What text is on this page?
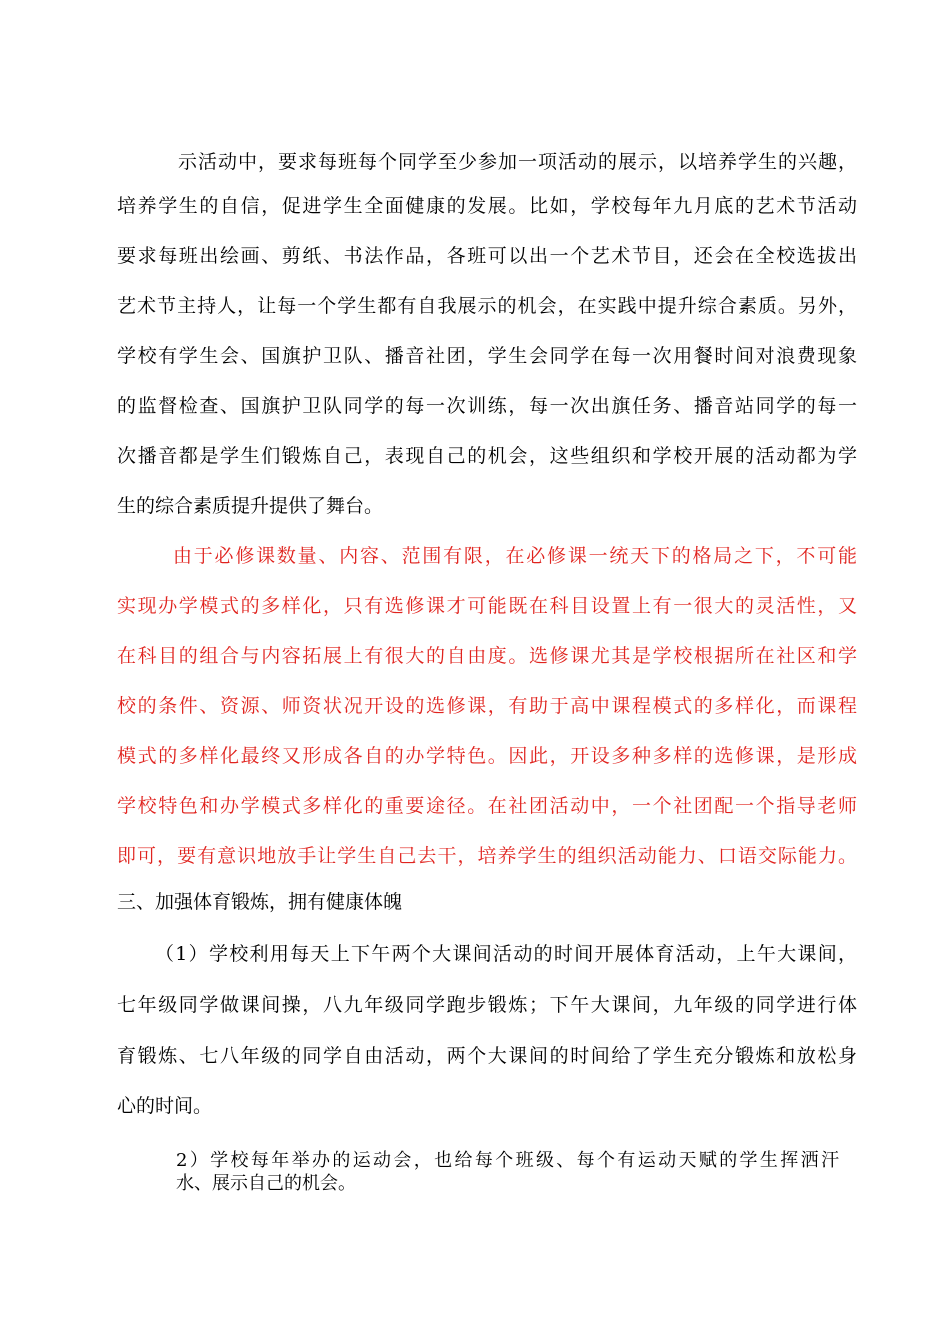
示活动中，要求每班每个同学至少参加一项活动的展示，以培养学生的兴趣，
培养学生的自信，促进学生全面健康的发展。比如，学校每年九月底的艺术节活动
要求每班出绘画、剪纸、书法作品，各班可以出一个艺术节目，还会在全校选拔出
艺术节主持人，让每一个学生都有自我展示的机会，在实践中提升综合素质。另外，
学校有学生会、国旗护卫队、播音社团，学生会同学在每一次用餐时间对浪费现象
的监督检查、国旗护卫队同学的每一次训练，每一次出旗任务、播音站同学的每一
次播音都是学生们锻炼自己，表现自己的机会，这些组织和学校开展的活动都为学
生的综合素质提升提供了舞台。
由于必修课数量、内容、范围有限，在必修课一统天下的格局之下，不可能
实现办学模式的多样化，只有选修课才可能既在科目设置上有一很大的灵活性，又
在科目的组合与内容拓展上有很大的自由度。选修课尤其是学校根据所在社区和学
校的条件、资源、师资状况开设的选修课，有助于高中课程模式的多样化，而课程
模式的多样化最终又形成各自的办学特色。因此，开设多种多样的选修课，是形成
学校特色和办学模式多样化的重要途径。在社团活动中，一个社团配一个指导老师
即可，要有意识地放手让学生自己去干，培养学生的组织活动能力、口语交际能力。
三、加强体育锻炼，拥有健康体魄
（1）学校利用每天上下午两个大课间活动的时间开展体育活动，上午大课间，
七年级同学做课间操，八九年级同学跑步锻炼；下午大课间，九年级的同学进行体
育锻炼、七八年级的同学自由活动，两个大课间的时间给了学生充分锻炼和放松身
心的时间。
2）学校每年举办的运动会，也给每个班级、每个有运动天赋的学生挥洒汗
水、展示自己的机会。
